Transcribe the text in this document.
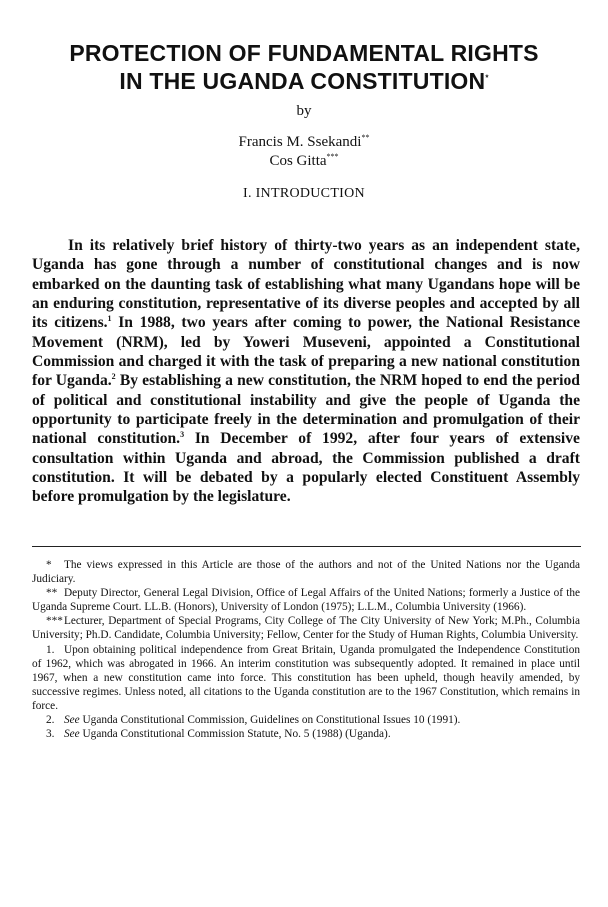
PROTECTION OF FUNDAMENTAL RIGHTS
IN THE UGANDA CONSTITUTION*
by
Francis M. Ssekandi**
Cos Gitta***
I. INTRODUCTION

In its relatively brief history of thirty-two years as an independent state, Uganda has gone through a number of constitutional changes and is now embarked on the daunting task of establishing what many Ugandans hope will be an enduring constitution, representative of its diverse peoples and accepted by all its citizens.$^1$ In 1988, two years after coming to power, the National Resistance Movement (NRM), led by Yoweri Museveni, appointed a Constitutional Commission and charged it with the task of preparing a new national constitution for Uganda.$^2$ By establishing a new constitution, the NRM hoped to end the period of political and constitutional instability and give the people of Uganda the opportunity to participate freely in the determination and promulgation of their national constitution.$^3$ In December of 1992, after four years of extensive consultation within Uganda and abroad, the Commission published a draft constitution. It will be debated by a popularly elected Constituent Assembly before promulgation by the legislature.

* The views expressed in this Article are those of the authors and not of the United Nations nor the Uganda Judiciary.

** Deputy Director, General Legal Division, Office of Legal Affairs of the United Nations; formerly a Justice of the Uganda Supreme Court. LL.B. (Honors), University of London (1975); L.L.M., Columbia University (1966).

***Lecturer, Department of Special Programs, City College of The City University of New York; M.Ph., Columbia University; Ph.D. Candidate, Columbia University; Fellow, Center for the Study of Human Rights, Columbia University.

1. Upon obtaining political independence from Great Britain, Uganda promulgated the Independence Constitution of 1962, which was abrogated in 1966. An interim constitution was subsequently adopted. It remained in place until 1967, when a new constitution came into force. This constitution has been upheld, though heavily amended, by successive regimes. Unless noted, all citations to the Uganda constitution are to the 1967 Constitution, which remains in force.

2. See Uganda Constitutional Commission, Guidelines on Constitutional Issues 10 (1991).

3. See Uganda Constitutional Commission Statute, No. 5 (1988) (Uganda).
